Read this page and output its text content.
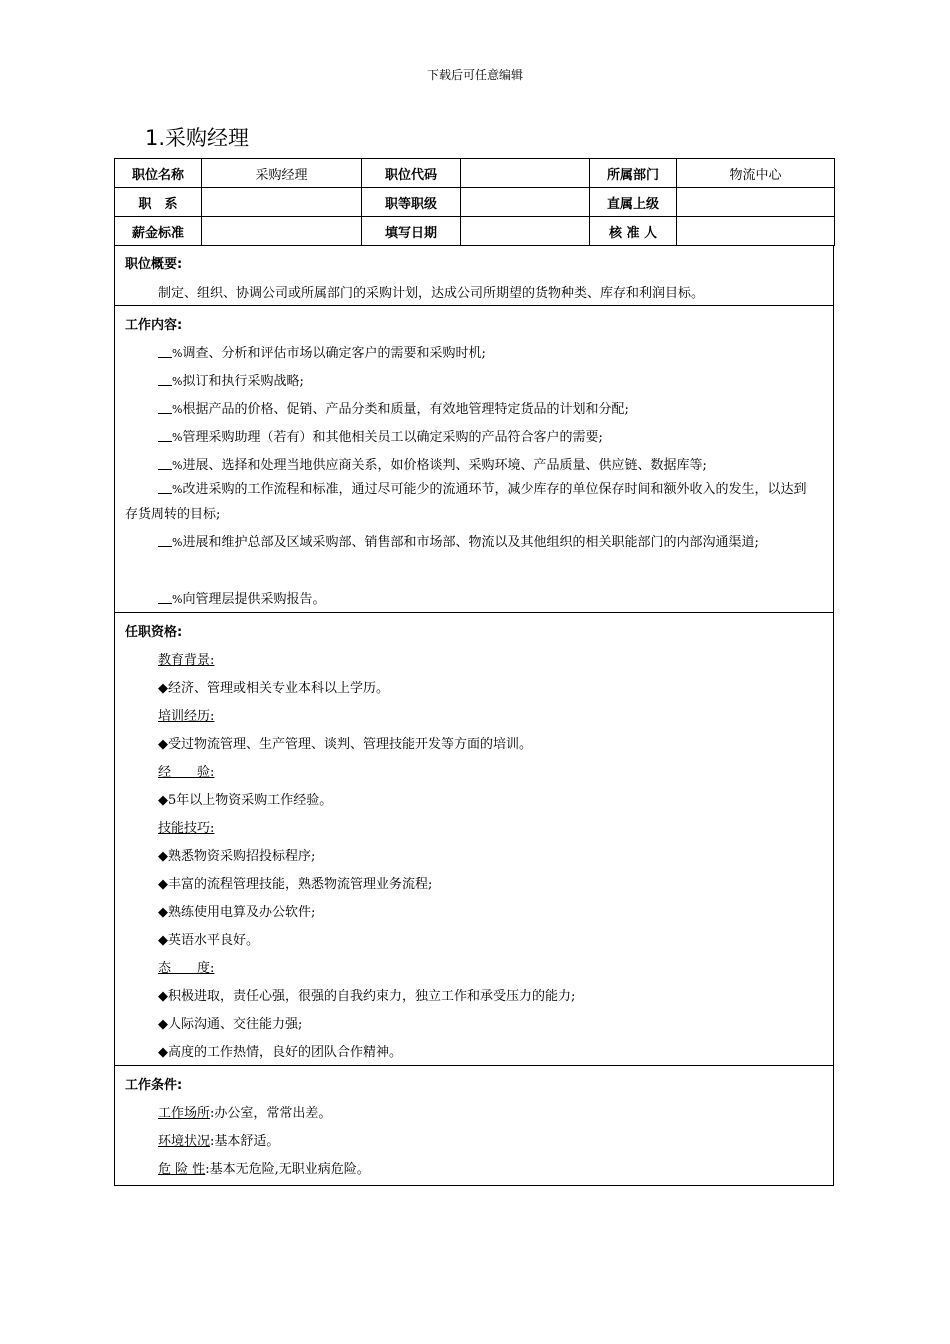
下载后可任意编辑
1.采购经理
职位名称	采购经理	职位代码		所属部门	物流中心
职　系		职等职级		直属上级	
薪金标准		填写日期		核 准 人	
职位概要:
制定、组织、协调公司或所属部门的采购计划，达成公司所期望的货物种类、库存和利润目标。
工作内容:
%调查、分析和评估市场以确定客户的需要和采购时机;
%拟订和执行采购战略;
%根据产品的价格、促销、产品分类和质量，有效地管理特定货品的计划和分配;
%管理采购助理（若有）和其他相关员工以确定采购的产品符合客户的需要;
%进展、选择和处理当地供应商关系，如价格谈判、采购环境、产品质量、供应链、数据库等;
%改进采购的工作流程和标准，通过尽可能少的流通环节，减少库存的单位保存时间和额外收入的发生，以达到存货周转的目标;
%进展和维护总部及区域采购部、销售部和市场部、物流以及其他组织的相关职能部门的内部沟通渠道;
%向管理层提供采购报告。
任职资格:
教育背景:
◆经济、管理或相关专业本科以上学历。
培训经历:
◆受过物流管理、生产管理、谈判、管理技能开发等方面的培训。
经　　验:
◆5年以上物资采购工作经验。
技能技巧:
◆熟悉物资采购招投标程序;
◆丰富的流程管理技能，熟悉物流管理业务流程;
◆熟练使用电算及办公软件;
◆英语水平良好。
态　　度:
◆积极进取，责任心强，很强的自我约束力，独立工作和承受压力的能力;
◆人际沟通、交往能力强;
◆高度的工作热情，良好的团队合作精神。
工作条件:
工作场所:办公室，常常出差。
环境状况:基本舒适。
危 险 性:基本无危险,无职业病危险。
